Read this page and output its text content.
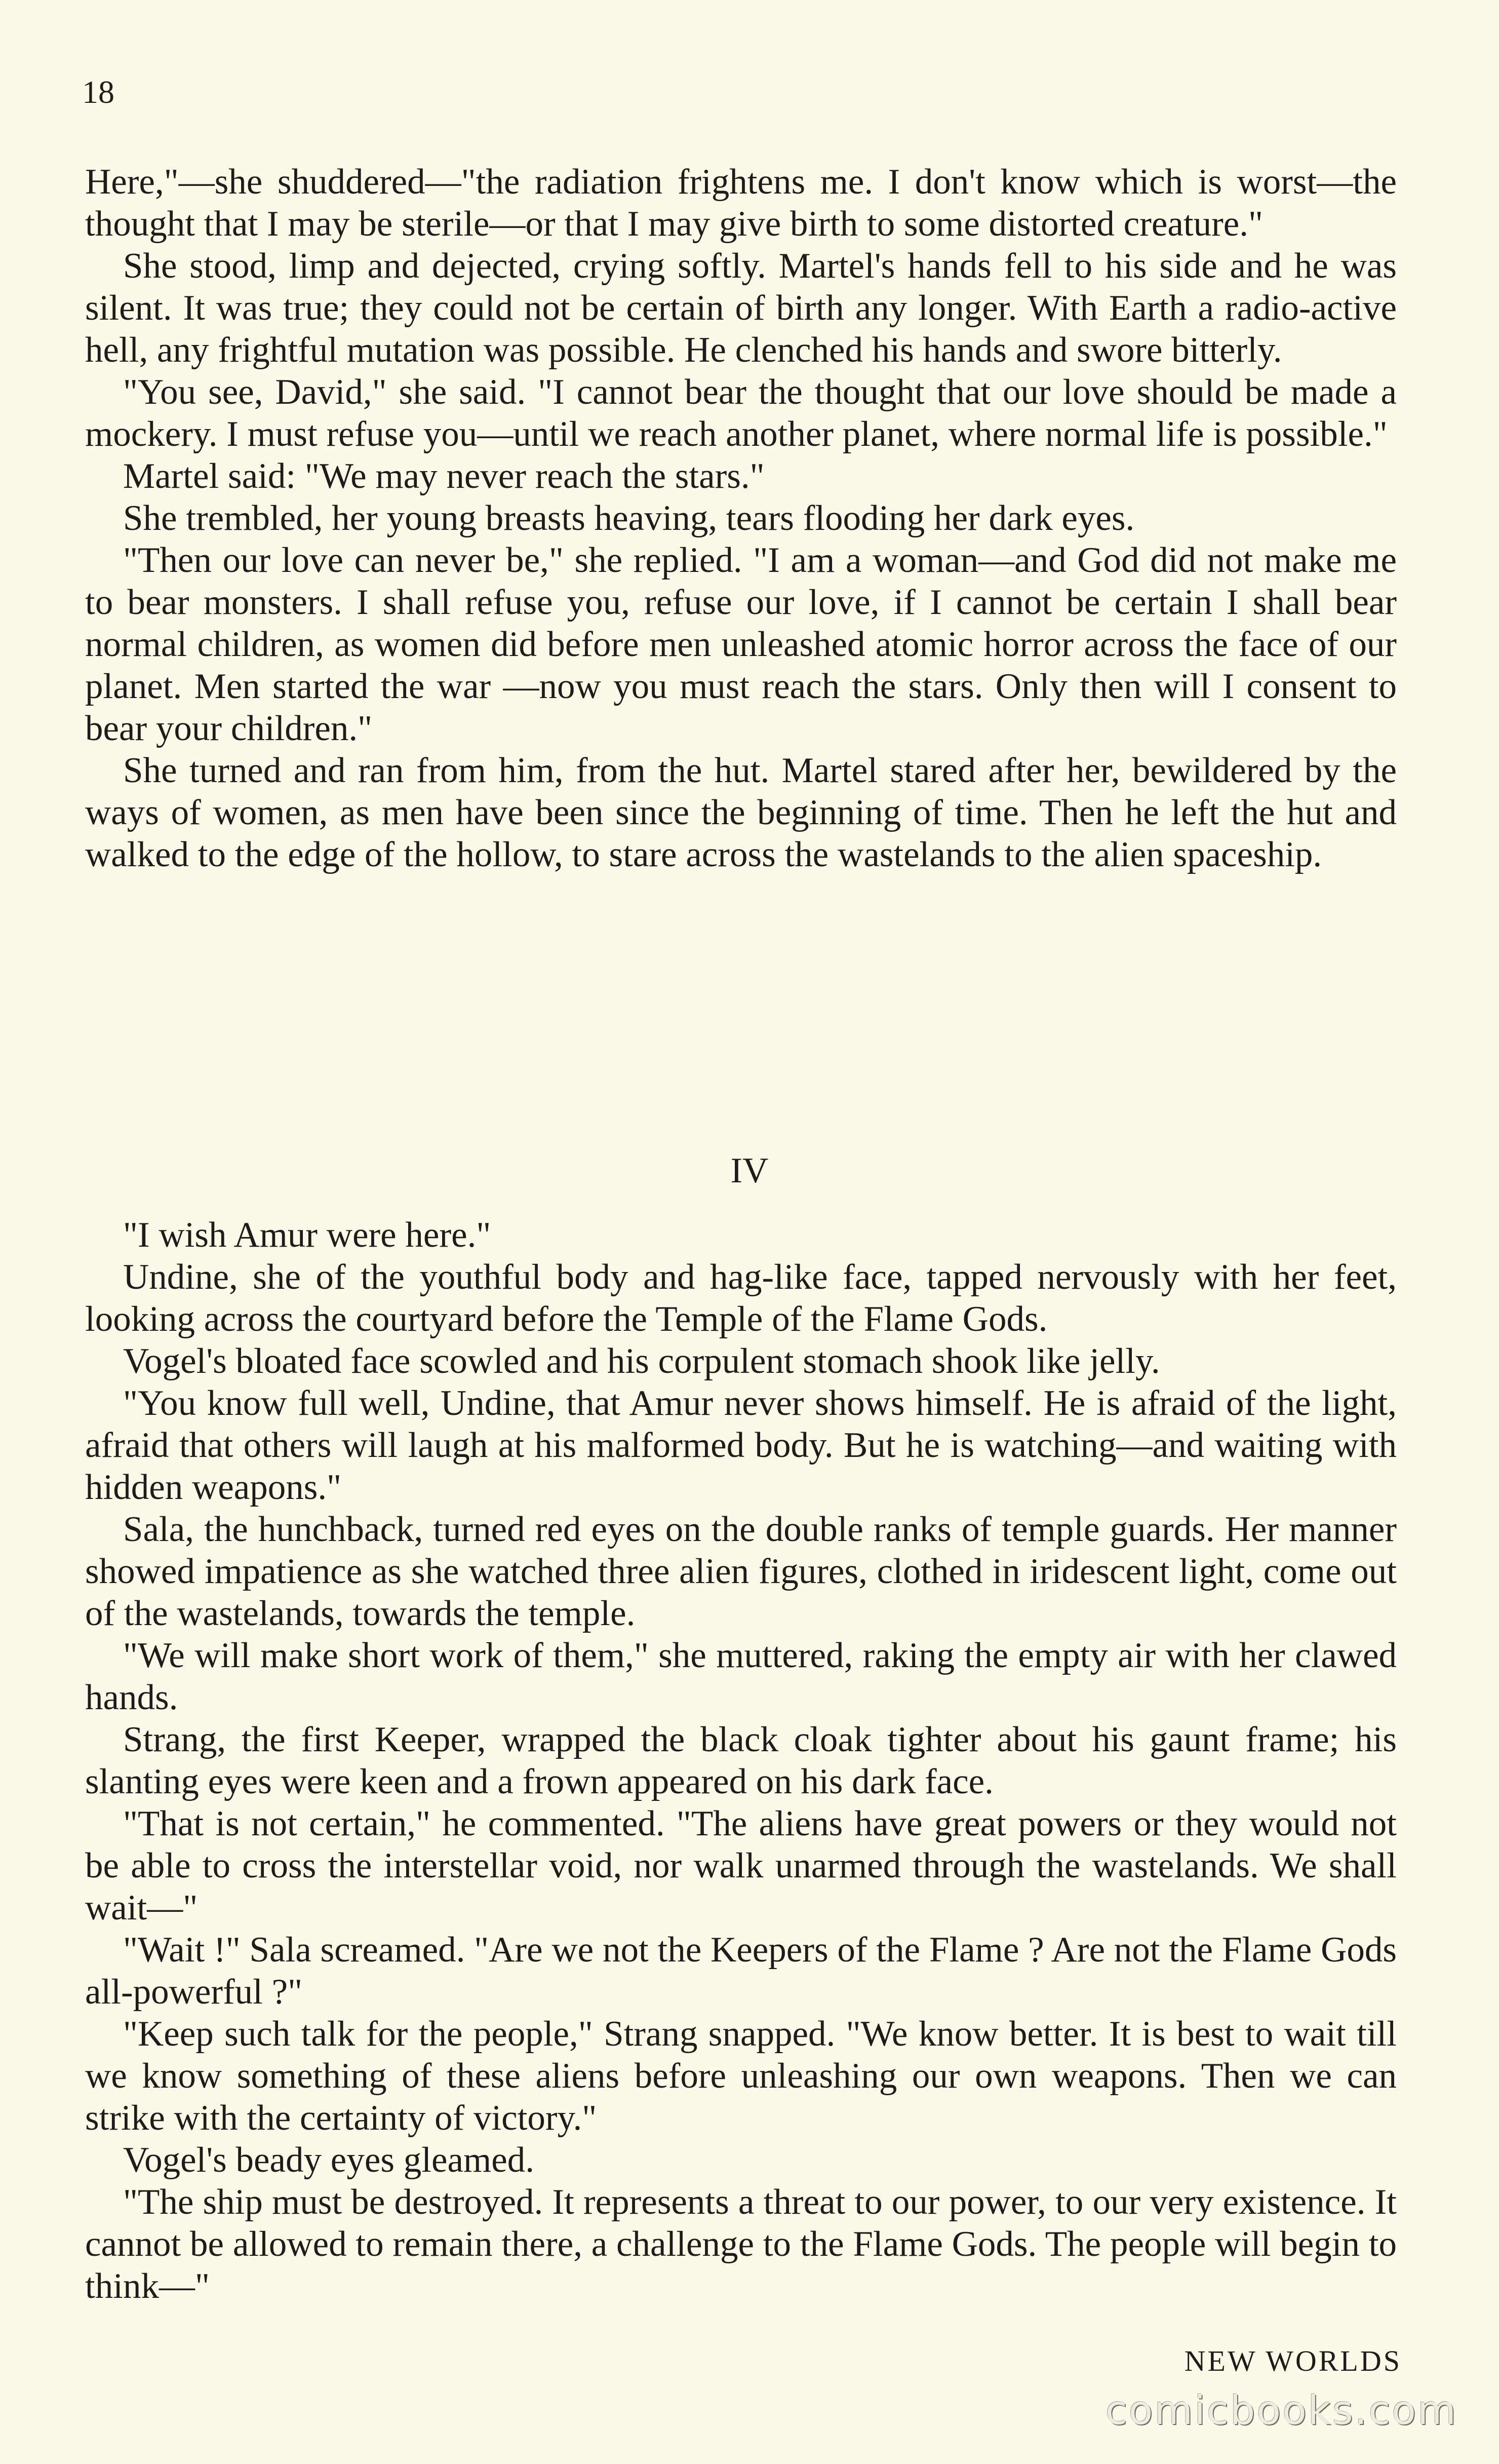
18

Here,"—she shuddered—"the radiation frightens me. I don't know which is worst—the thought that I may be sterile—or that I may give birth to some distorted creature."

She stood, limp and dejected, crying softly. Martel's hands fell to his side and he was silent. It was true; they could not be certain of birth any longer. With Earth a radio-active hell, any frightful mutation was possible. He clenched his hands and swore bitterly.

"You see, David," she said. "I cannot bear the thought that our love should be made a mockery. I must refuse you—until we reach another planet, where normal life is possible."

Martel said: "We may never reach the stars."

She trembled, her young breasts heaving, tears flooding her dark eyes.

"Then our love can never be," she replied. "I am a woman—and God did not make me to bear monsters. I shall refuse you, refuse our love, if I cannot be certain I shall bear normal children, as women did before men unleashed atomic horror across the face of our planet. Men started the war —now you must reach the stars. Only then will I consent to bear your children."

She turned and ran from him, from the hut. Martel stared after her, bewildered by the ways of women, as men have been since the beginning of time. Then he left the hut and walked to the edge of the hollow, to stare across the wastelands to the alien spaceship.

IV

"I wish Amur were here."

Undine, she of the youthful body and hag-like face, tapped nervously with her feet, looking across the courtyard before the Temple of the Flame Gods.

Vogel's bloated face scowled and his corpulent stomach shook like jelly.

"You know full well, Undine, that Amur never shows himself. He is afraid of the light, afraid that others will laugh at his malformed body. But he is watching—and waiting with hidden weapons."

Sala, the hunchback, turned red eyes on the double ranks of temple guards. Her manner showed impatience as she watched three alien figures, clothed in iridescent light, come out of the wastelands, towards the temple.

"We will make short work of them," she muttered, raking the empty air with her clawed hands.

Strang, the first Keeper, wrapped the black cloak tighter about his gaunt frame; his slanting eyes were keen and a frown appeared on his dark face.

"That is not certain," he commented. "The aliens have great powers or they would not be able to cross the interstellar void, nor walk unarmed through the wastelands. We shall wait—"

"Wait !" Sala screamed. "Are we not the Keepers of the Flame ? Are not the Flame Gods all-powerful ?"

"Keep such talk for the people," Strang snapped. "We know better. It is best to wait till we know something of these aliens before unleashing our own weapons. Then we can strike with the certainty of victory."

Vogel's beady eyes gleamed.

"The ship must be destroyed. It represents a threat to our power, to our very existence. It cannot be allowed to remain there, a challenge to the Flame Gods. The people will begin to think—"

NEW WORLDS
comicbooks.com
